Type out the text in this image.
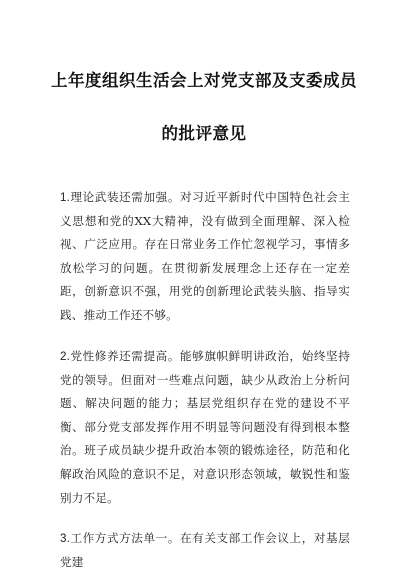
上年度组织生活会上对党支部及支委成员
的批评意见
1.理论武装还需加强。对习近平新时代中国特色社会主义思想和党的XX大精神，没有做到全面理解、深入检视、广泛应用。存在日常业务工作忙忽视学习，事情多放松学习的问题。在贯彻新发展理念上还存在一定差距，创新意识不强，用党的创新理论武装头脑、指导实践、推动工作还不够。
2.党性修养还需提高。能够旗帜鲜明讲政治，始终坚持党的领导。但面对一些难点问题，缺少从政治上分析问题、解决问题的能力；基层党组织存在党的建设不平衡、部分党支部发挥作用不明显等问题没有得到根本整治。班子成员缺少提升政治本领的锻炼途径，防范和化解政治风险的意识不足，对意识形态领域，敏锐性和鉴别力不足。
3.工作方式方法单一。在有关支部工作会议上，对基层党建
